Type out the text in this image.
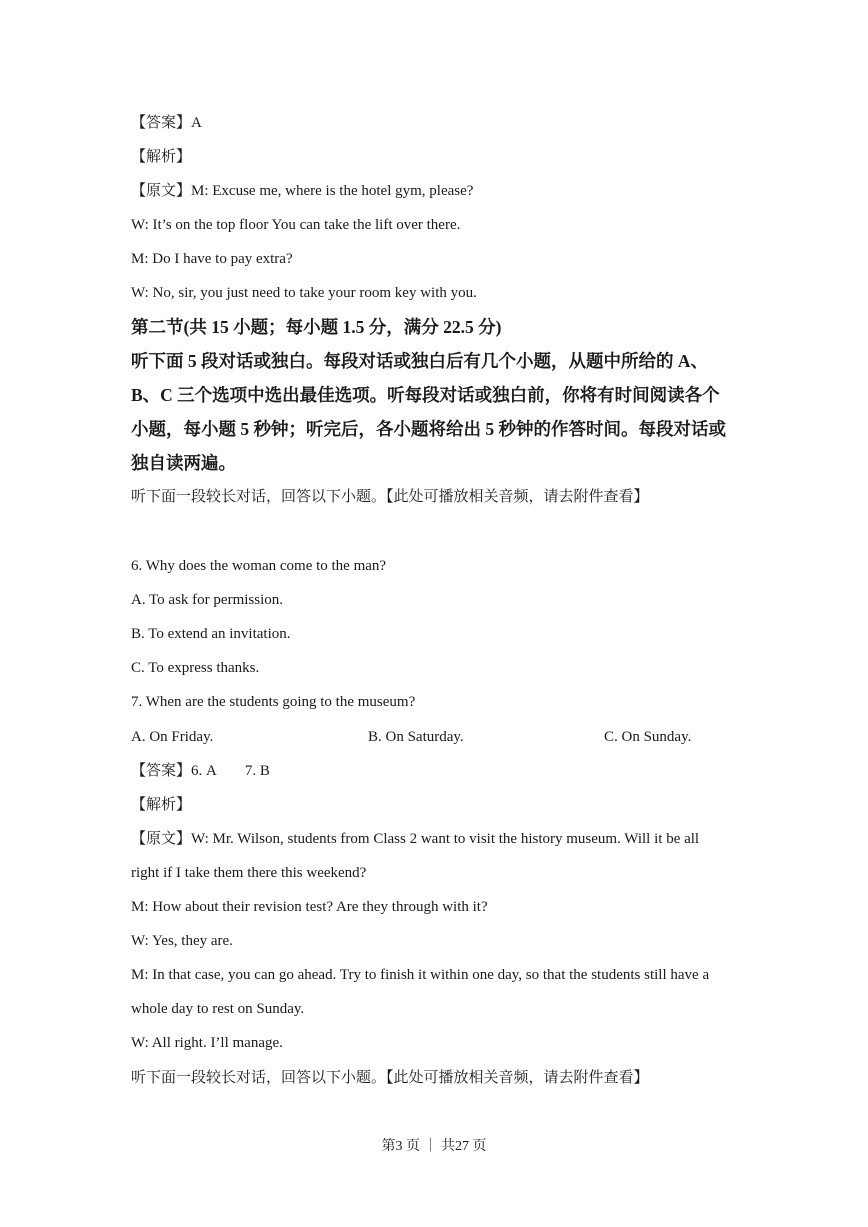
【答案】A
【解析】
【原文】M: Excuse me, where is the hotel gym, please?
W: It’s on the top floor You can take the lift over there.
M: Do I have to pay extra?
W: No, sir, you just need to take your room key with you.
第二节(共 15 小题；每小题 1.5 分，满分 22.5 分)
听下面 5 段对话或独白。每段对话或独白后有几个小题，从题中所给的 A、
B、C 三个选项中选出最佳选项。听每段对话或独白前，你将有时间阅读各个
小题，每小题 5 秒钟；听完后，各小题将给出 5 秒钟的作答时间。每段对话或
独自读两遍。
听下面一段较长对话，回答以下小题。【此处可播放相关音频，请去附件查看】
6. Why does the woman come to the man?
A. To ask for permission.
B. To extend an invitation.
C. To express thanks.
7. When are the students going to the museum?
A. On Friday.	B. On Saturday.	C. On Sunday.
【答案】6. A 7. B
【解析】
【原文】W: Mr. Wilson, students from Class 2 want to visit the history museum. Will it be all
right if I take them there this weekend?
M: How about their revision test? Are they through with it?
W: Yes, they are.
M: In that case, you can go ahead. Try to finish it within one day, so that the students still have a
whole day to rest on Sunday.
W: All right. I’ll manage.
听下面一段较长对话，回答以下小题。【此处可播放相关音频，请去附件查看】
第3 页 ｜ 共27 页
